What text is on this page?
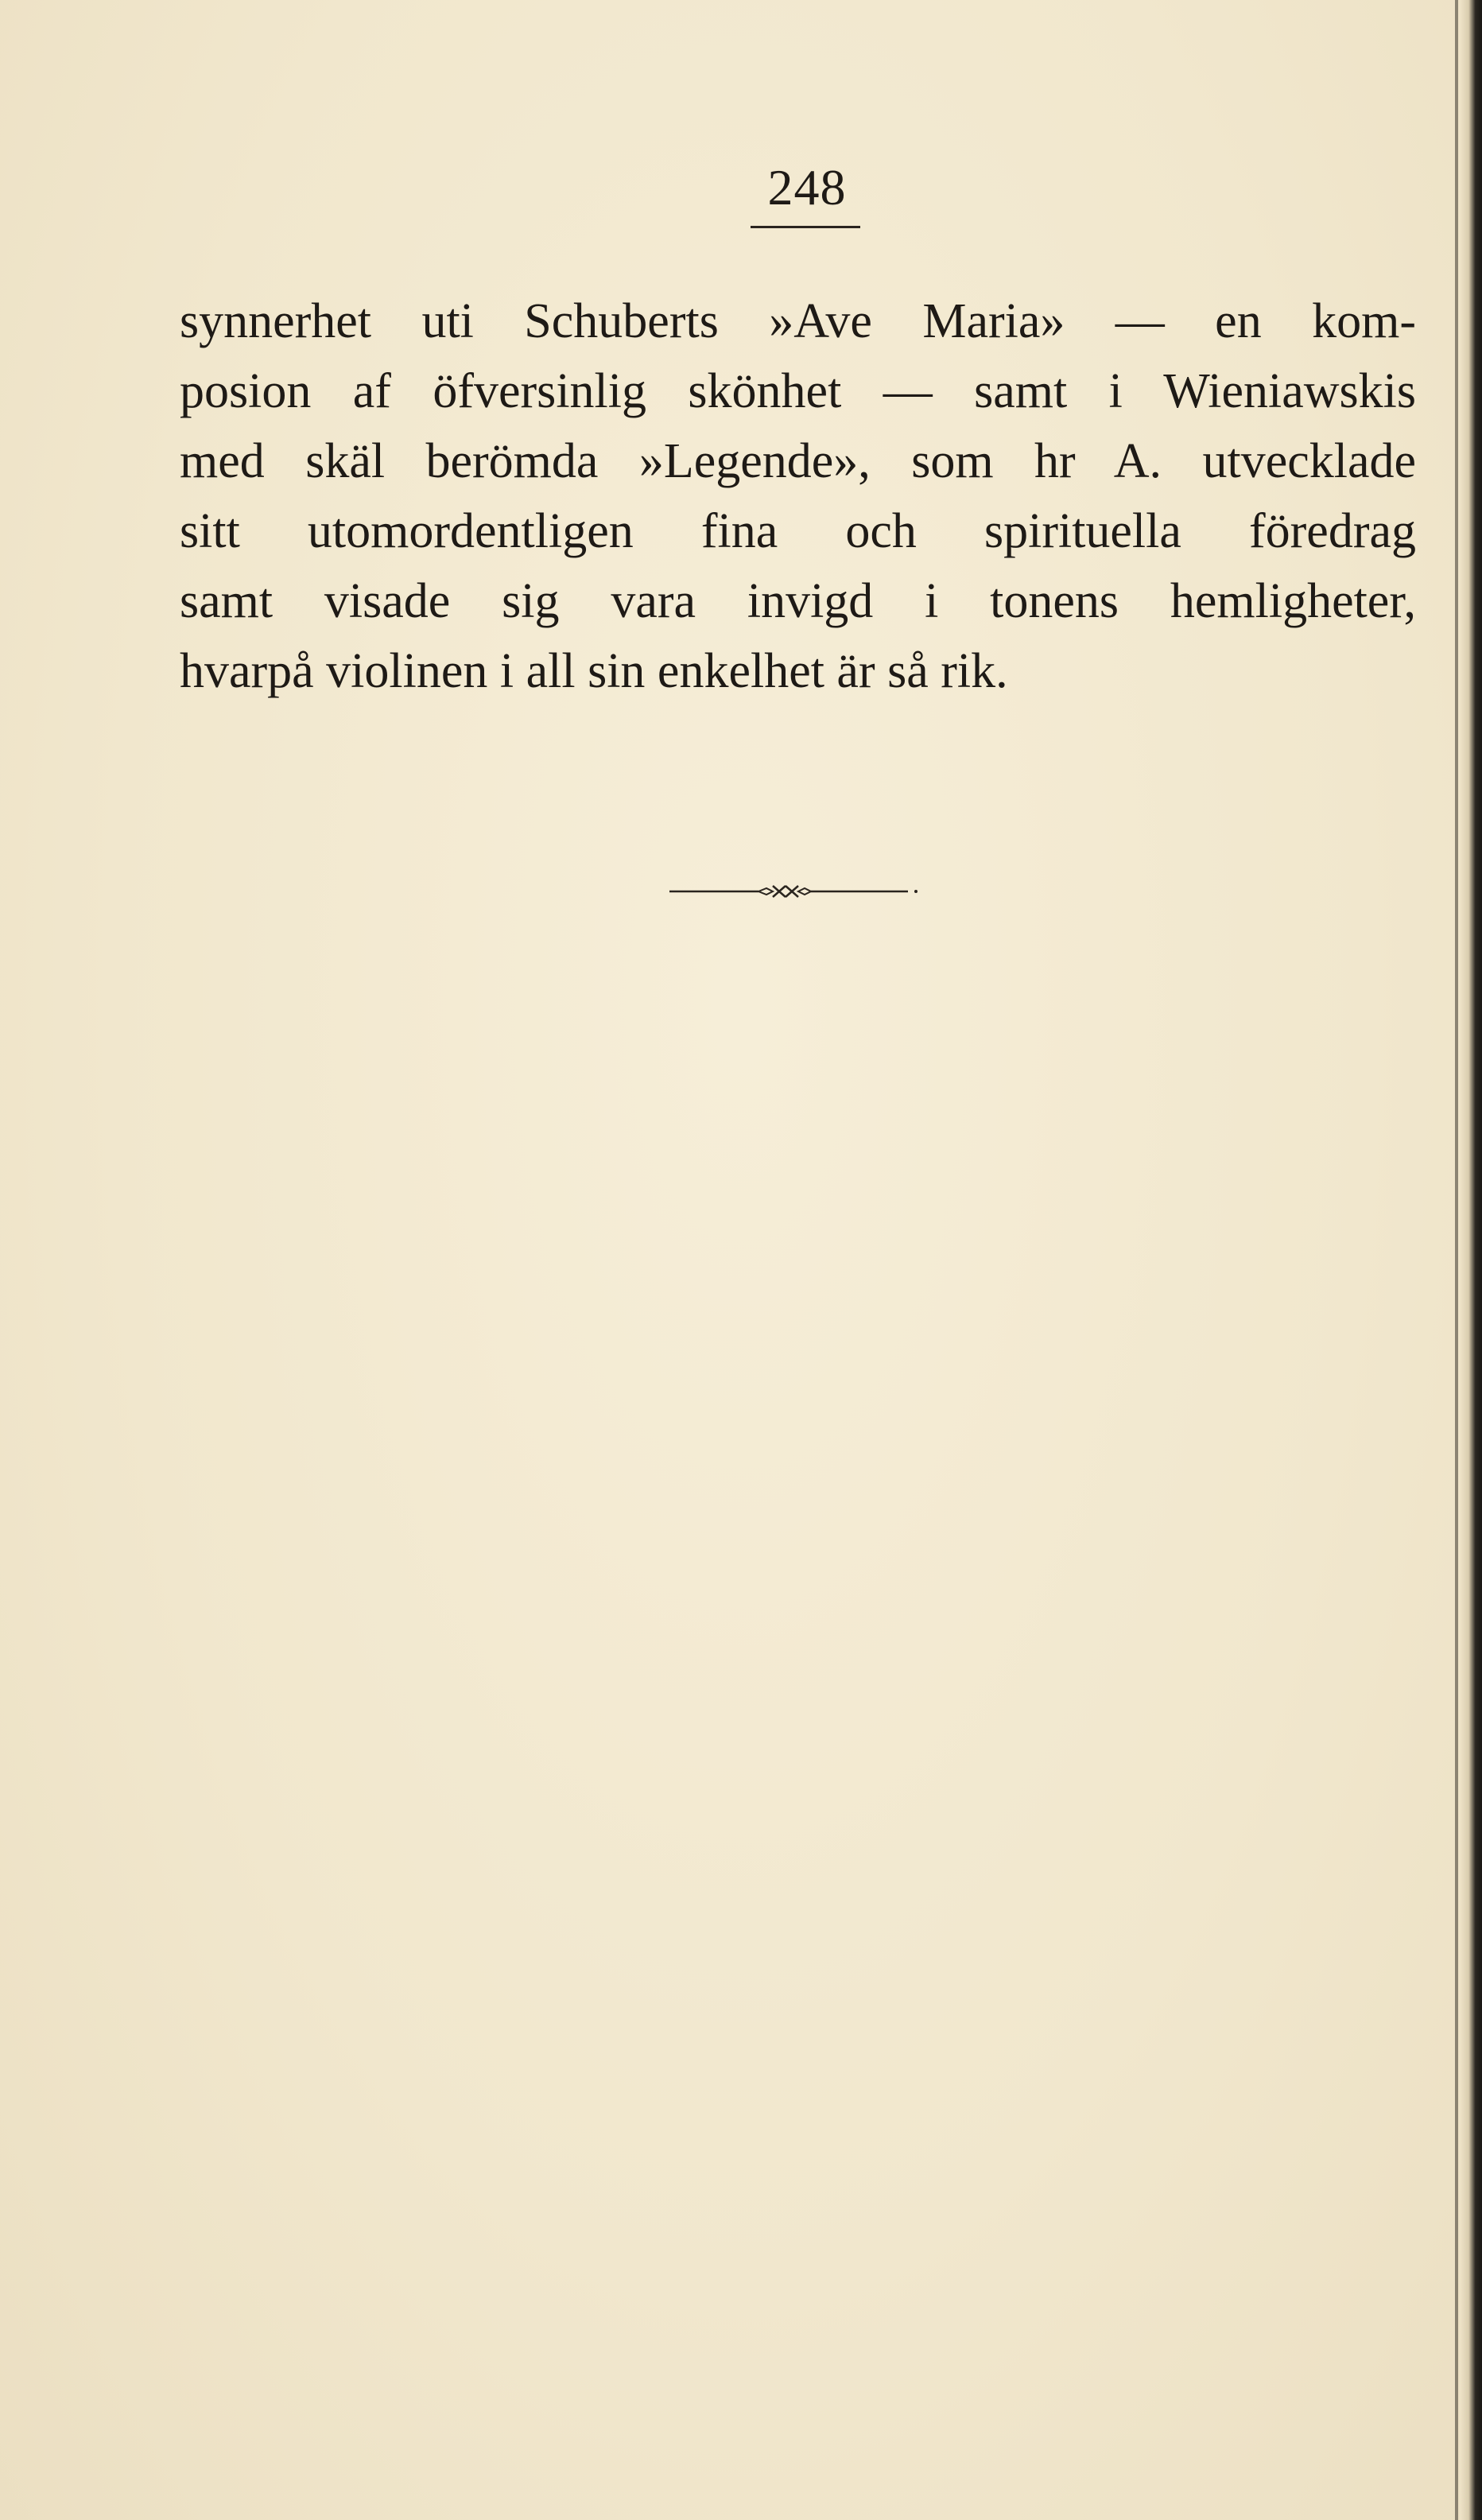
248
synnerhet uti Schuberts »Ave Maria» — en kom-
posion af öfversinlig skönhet — samt i Wieniawskis
med skäl berömda »Legende», som hr A. utvecklade
sitt utomordentligen fina och spirituella föredrag
samt visade sig vara invigd i tonens hemligheter,
hvarpå violinen i all sin enkelhet är så rik.
